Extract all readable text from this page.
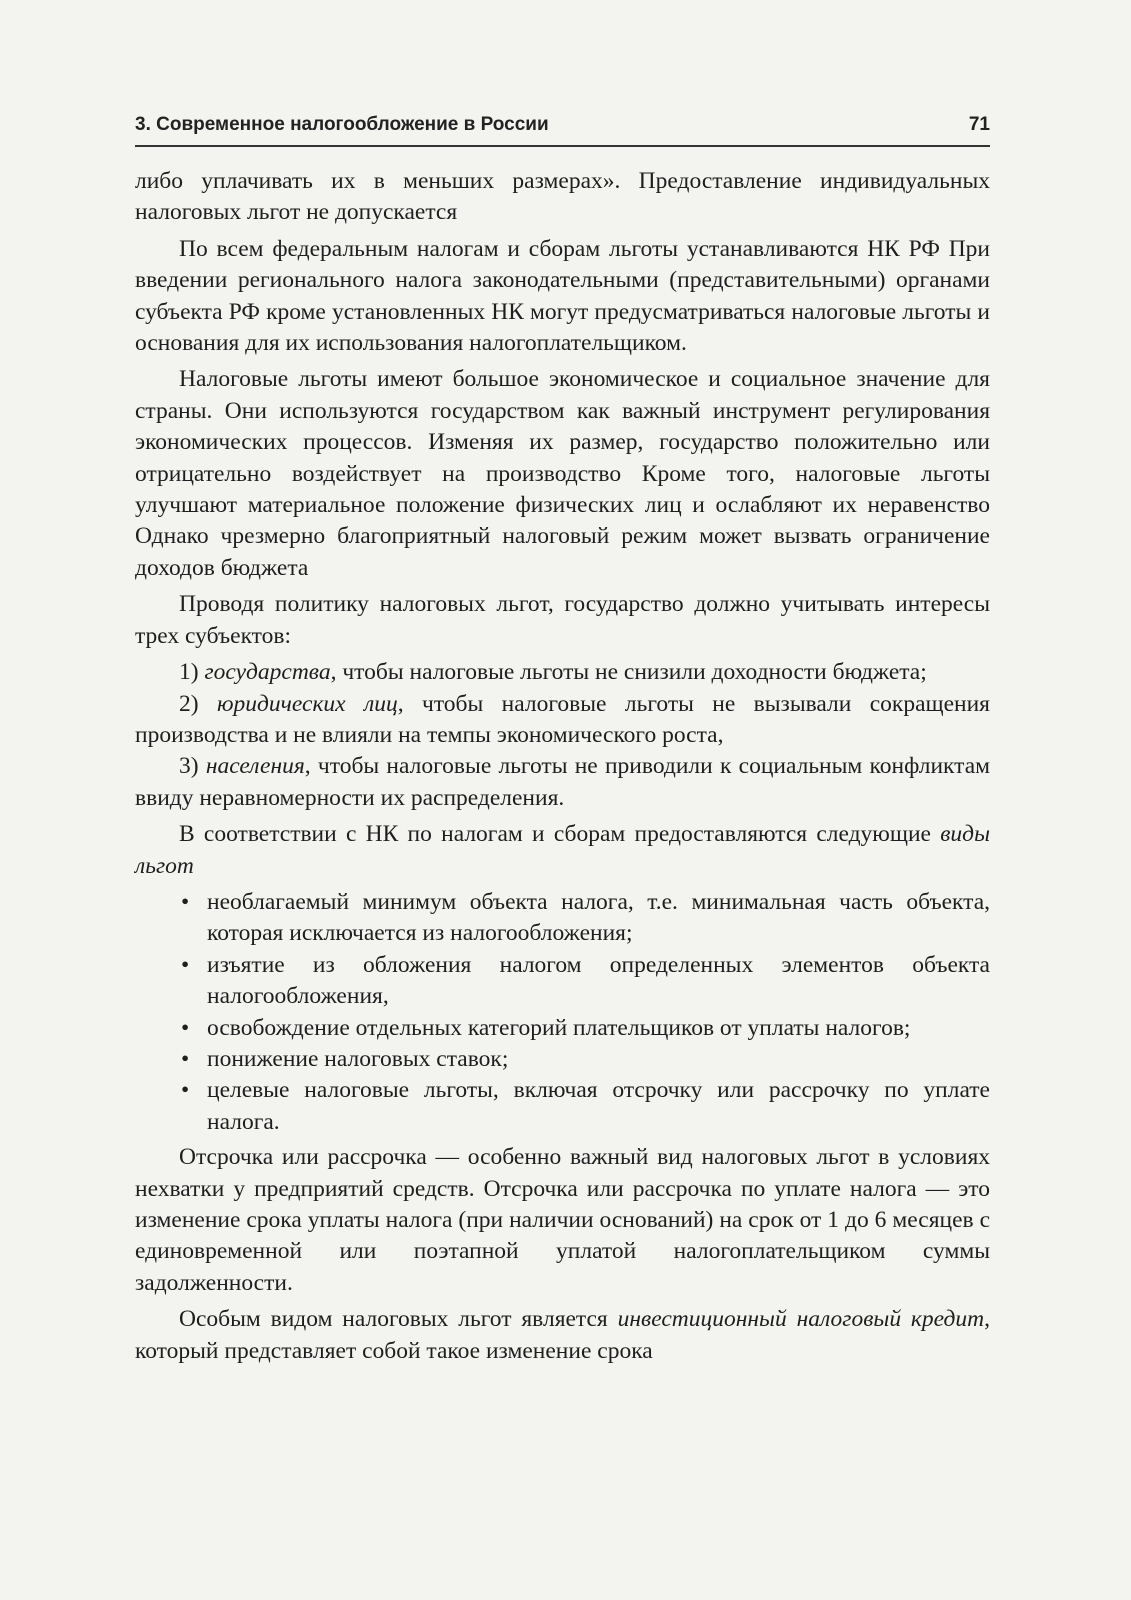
3. Современное налогообложение в России	71

либо уплачивать их в меньших размерах». Предоставление индивидуальных налоговых льгот не допускается

По всем федеральным налогам и сборам льготы устанавливаются НК РФ При введении регионального налога законодательными (представительными) органами субъекта РФ кроме установленных НК могут предусматриваться налоговые льготы и основания для их использования налогоплательщиком.

Налоговые льготы имеют большое экономическое и социальное значение для страны. Они используются государством как важный инструмент регулирования экономических процессов. Изменяя их размер, государство положительно или отрицательно воздействует на производство Кроме того, налоговые льготы улучшают материальное положение физических лиц и ослабляют их неравенство Однако чрезмерно благоприятный налоговый режим может вызвать ограничение доходов бюджета

Проводя политику налоговых льгот, государство должно учитывать интересы трех субъектов:

1) государства, чтобы налоговые льготы не снизили доходности бюджета;

2) юридических лиц, чтобы налоговые льготы не вызывали сокращения производства и не влияли на темпы экономического роста,

3) населения, чтобы налоговые льготы не приводили к социальным конфликтам ввиду неравномерности их распределения.

В соответствии с НК по налогам и сборам предоставляются следующие виды льгот

• необлагаемый минимум объекта налога, т.е. минимальная часть объекта, которая исключается из налогообложения;
• изъятие из обложения налогом определенных элементов объекта налогообложения,
• освобождение отдельных категорий плательщиков от уплаты налогов;
• понижение налоговых ставок;
• целевые налоговые льготы, включая отсрочку или рассрочку по уплате налога.

Отсрочка или рассрочка — особенно важный вид налоговых льгот в условиях нехватки у предприятий средств. Отсрочка или рассрочка по уплате налога — это изменение срока уплаты налога (при наличии оснований) на срок от 1 до 6 месяцев с единовременной или поэтапной уплатой налогоплательщиком суммы задолженности.

Особым видом налоговых льгот является инвестиционный налоговый кредит, который представляет собой такое изменение срока
